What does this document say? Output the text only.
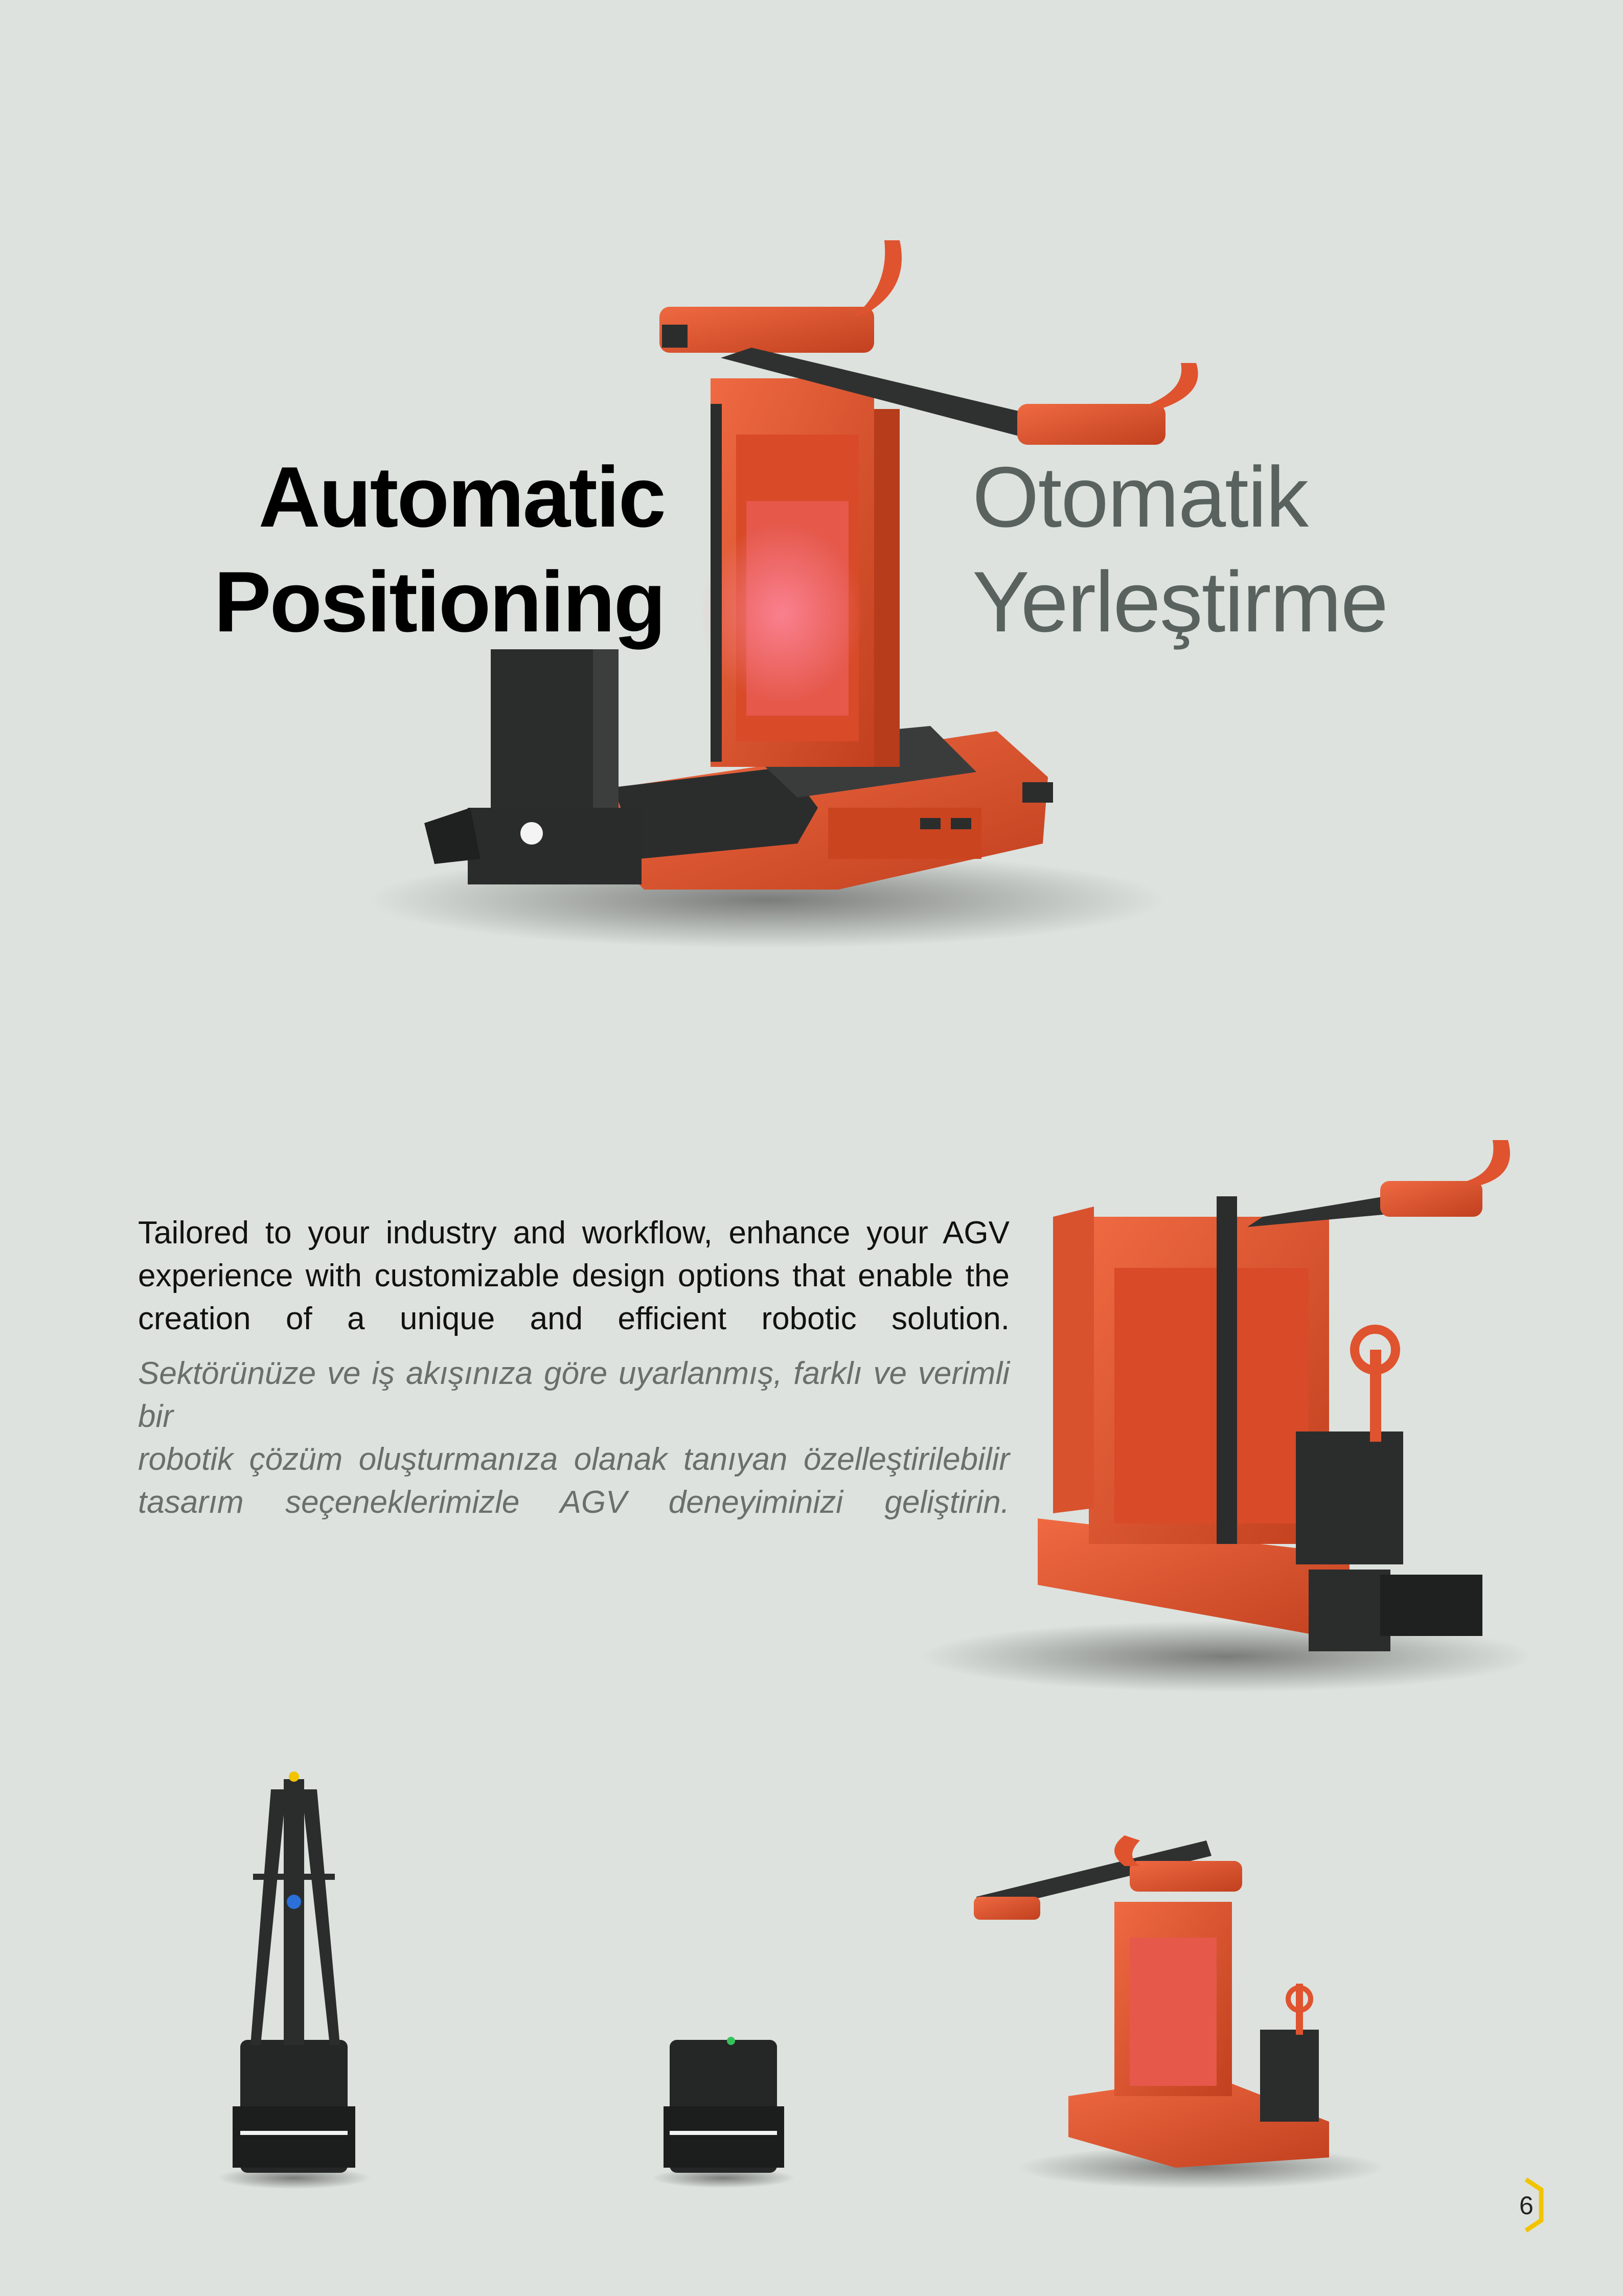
Automatic
Positioning
Otomatik
Yerleştirme
Tailored to your industry and workflow, enhance your AGV
experience with customizable design options that enable the
creation of a unique and efficient robotic solution.
Sektörünüze ve iş akışınıza göre uyarlanmış, farklı ve verimli bir
robotik çözüm oluşturmanıza olanak tanıyan özelleştirilebilir
tasarım seçeneklerimizle AGV deneyiminizi geliştirin.
6
